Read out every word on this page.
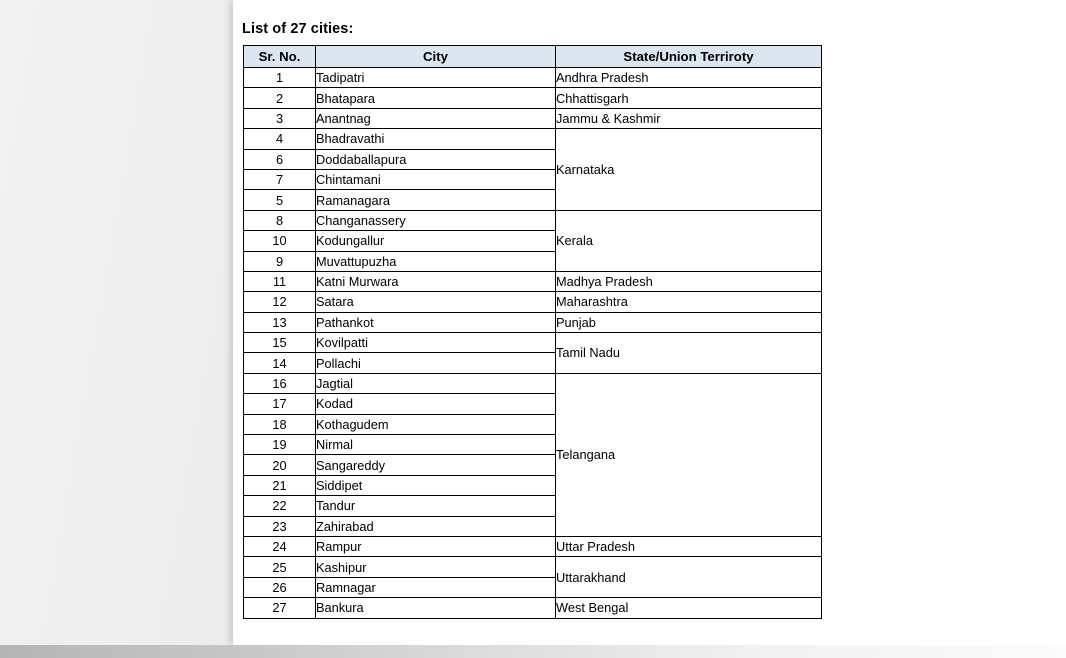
List of 27 cities:
Sr. No.	City	State/Union Terriroty
1	Tadipatri	Andhra Pradesh
2	Bhatapara	Chhattisgarh
3	Anantnag	Jammu & Kashmir
4	Bhadravathi	Karnataka
6	Doddaballapura	
7	Chintamani	
5	Ramanagara	
8	Changanassery	Kerala
10	Kodungallur	
9	Muvattupuzha	
11	Katni Murwara	Madhya Pradesh
12	Satara	Maharashtra
13	Pathankot	Punjab
15	Kovilpatti	Tamil Nadu
14	Pollachi	
16	Jagtial	Telangana
17	Kodad	
18	Kothagudem	
19	Nirmal	
20	Sangareddy	
21	Siddipet	
22	Tandur	
23	Zahirabad	
24	Rampur	Uttar Pradesh
25	Kashipur	Uttarakhand
26	Ramnagar	
27	Bankura	West Bengal
